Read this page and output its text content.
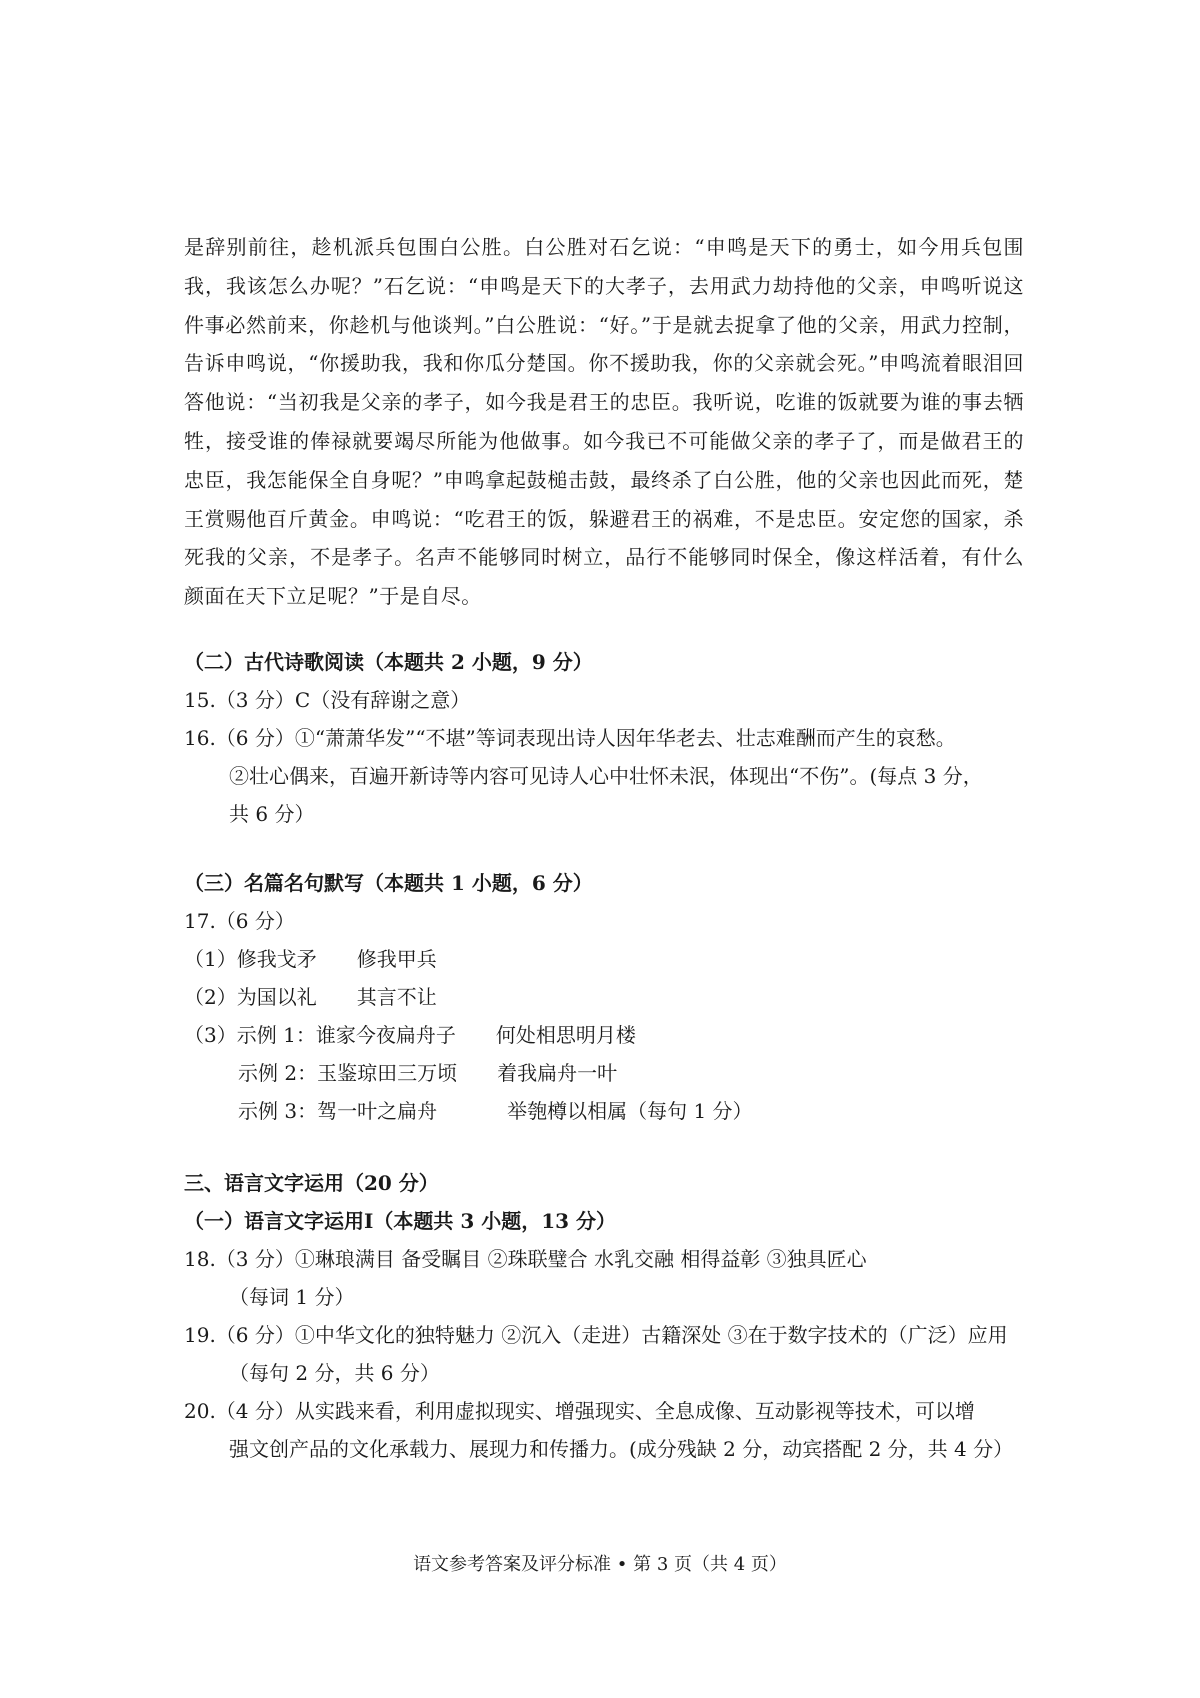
是辞别前往，趁机派兵包围白公胜。白公胜对石乞说：“申鸣是天下的勇士，如今用兵包围我，我该怎么办呢？”石乞说：“申鸣是天下的大孝子，去用武力劫持他的父亲，申鸣听说这件事必然前来，你趁机与他谈判。”白公胜说：“好。”于是就去捉拿了他的父亲，用武力控制，告诉申鸣说，“你援助我，我和你瓜分楚国。你不援助我，你的父亲就会死。”申鸣流着眼泪回答他说：“当初我是父亲的孝子，如今我是君王的忠臣。我听说，吃谁的饭就要为谁的事去牺牲，接受谁的俸禄就要竭尽所能为他做事。如今我已不可能做父亲的孝子了，而是做君王的忠臣，我怎能保全自身呢？”申鸣拿起鼓槌击鼓，最终杀了白公胜，他的父亲也因此而死，楚王赏赐他百斤黄金。申鸣说：“吃君王的饭，躲避君王的祸难，不是忠臣。安定您的国家，杀死我的父亲，不是孝子。名声不能够同时树立，品行不能够同时保全，像这样活着，有什么颜面在天下立足呢？”于是自尽。
（二）古代诗歌阅读（本题共 2 小题，9 分）
15.（3 分）C（没有辞谢之意）
16.（6 分）①“萧萧华发”“不堪”等词表现出诗人因年华老去、壮志难酬而产生的哀愁。
②壮心偶来，百遍开新诗等内容可见诗人心中壮怀未泯，体现出“不伤”。(每点 3 分，
共 6 分）
（三）名篇名句默写（本题共 1 小题，6 分）
17.（6 分）
（1）修我戈矛 修我甲兵
（2）为国以礼 其言不让
（3）示例 1：谁家今夜扁舟子 何处相思明月楼
示例 2：玉鉴琼田三万顷 着我扁舟一叶
示例 3：驾一叶之扁舟	举匏樽以相属（每句 1 分）
三、语言文字运用（20 分）
（一）语言文字运用Ⅰ（本题共 3 小题，13 分）
18.（3 分）①琳琅满目 备受瞩目 ②珠联璧合 水乳交融 相得益彰 ③独具匠心
（每词 1 分）
19.（6 分）①中华文化的独特魅力 ②沉入（走进）古籍深处 ③在于数字技术的（广泛）应用
（每句 2 分，共 6 分）
20.（4 分）从实践来看，利用虚拟现实、增强现实、全息成像、互动影视等技术，可以增
强文创产品的文化承载力、展现力和传播力。(成分残缺 2 分，动宾搭配 2 分，共 4 分）
语文参考答案及评分标准 • 第 3 页（共 4 页）
